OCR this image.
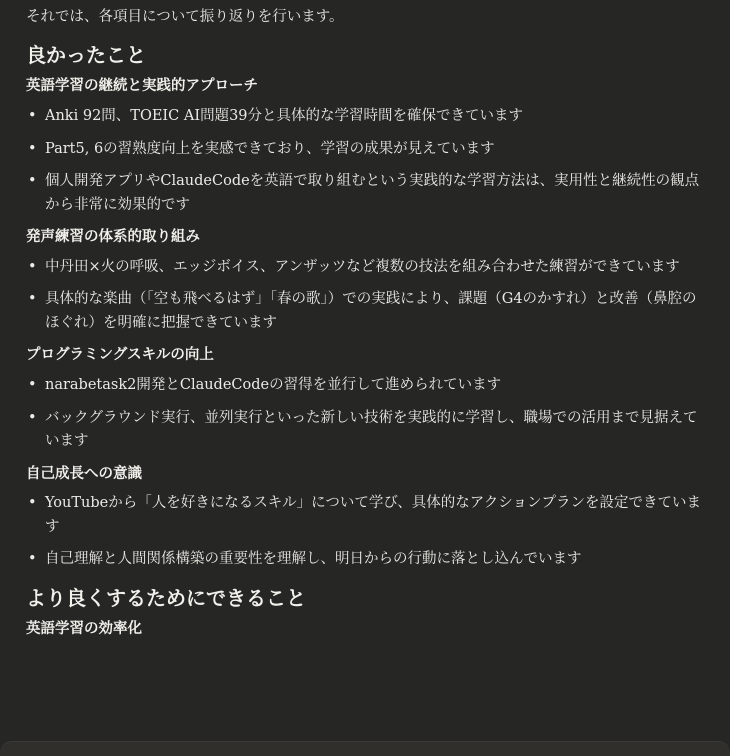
それでは、各項目について振り返りを行います。

良かったこと
英語学習の継続と実践的アプローチ
• Anki 92問、TOEIC AI問題39分と具体的な学習時間を確保できています
• Part5, 6の習熟度向上を実感できており、学習の成果が見えています
• 個人開発アプリやClaudeCodeを英語で取り組むという実践的な学習方法は、実用性と継続性の観点から非常に効果的です
発声練習の体系的取り組み
• 中丹田×火の呼吸、エッジボイス、アンザッツなど複数の技法を組み合わせた練習ができています
• 具体的な楽曲（「空も飛べるはず」「春の歌」）での実践により、課題（G4のかすれ）と改善（鼻腔のほぐれ）を明確に把握できています
プログラミングスキルの向上
• narabetask2開発とClaudeCodeの習得を並行して進められています
• バックグラウンド実行、並列実行といった新しい技術を実践的に学習し、職場での活用まで見据えています
自己成長への意識
• YouTubeから「人を好きになるスキル」について学び、具体的なアクションプランを設定できています
• 自己理解と人間関係構築の重要性を理解し、明日からの行動に落とし込んでいます
より良くするためにできること
英語学習の効率化
